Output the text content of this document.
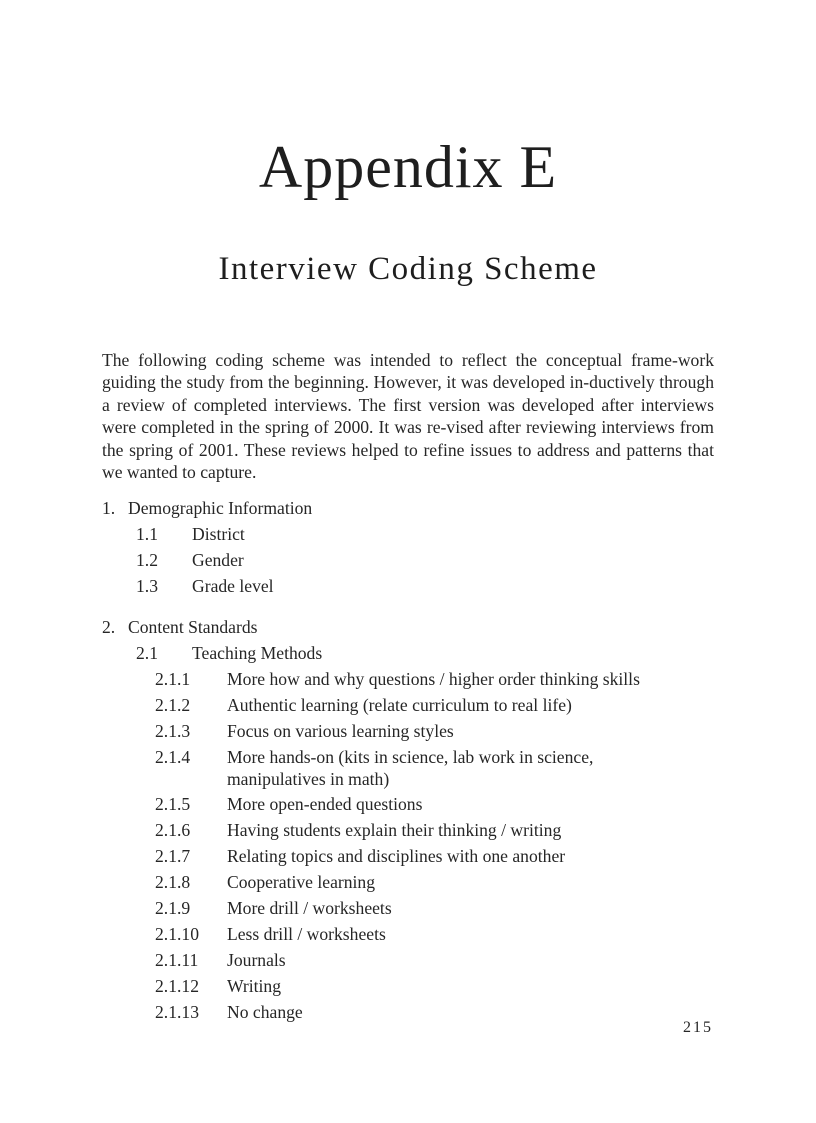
Appendix E
Interview Coding Scheme

The following coding scheme was intended to reflect the conceptual frame-work guiding the study from the beginning. However, it was developed in-ductively through a review of completed interviews. The first version was developed after interviews were completed in the spring of 2000. It was re-vised after reviewing interviews from the spring of 2001. These reviews helped to refine issues to address and patterns that we wanted to capture.

1. Demographic Information
1.1 District
1.2 Gender
1.3 Grade level
2. Content Standards
2.1 Teaching Methods
2.1.1 More how and why questions / higher order thinking skills
2.1.2 Authentic learning (relate curriculum to real life)
2.1.3 Focus on various learning styles
2.1.4 More hands-on (kits in science, lab work in science,
manipulatives in math)
2.1.5 More open-ended questions
2.1.6 Having students explain their thinking / writing
2.1.7 Relating topics and disciplines with one another
2.1.8 Cooperative learning
2.1.9 More drill / worksheets
2.1.10 Less drill / worksheets
2.1.11 Journals
2.1.12 Writing
2.1.13 No change
215
